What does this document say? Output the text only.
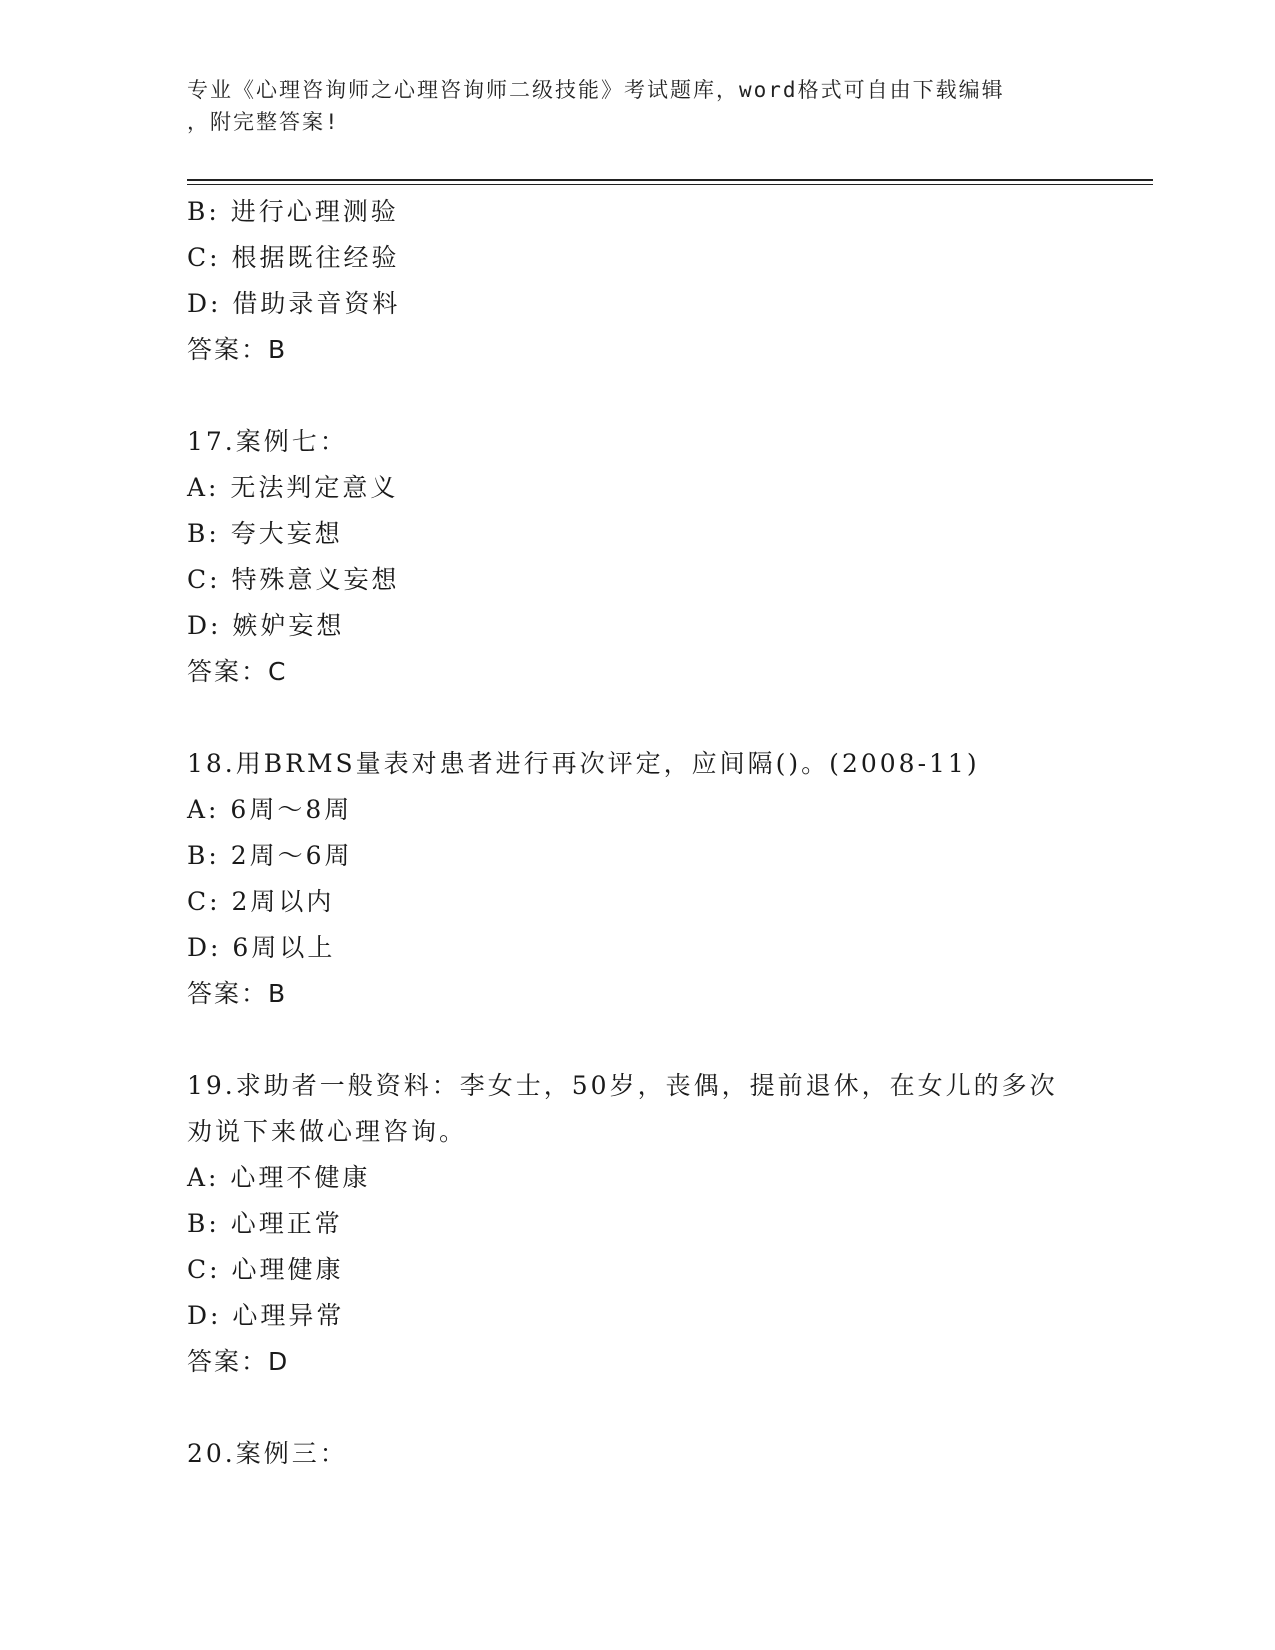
专业《心理咨询师之心理咨询师二级技能》考试题库，word格式可自由下载编辑
，附完整答案!
B: 进行心理测验
C: 根据既往经验
D: 借助录音资料
答案：B
17.案例七：
A: 无法判定意义
B: 夸大妄想
C: 特殊意义妄想
D: 嫉妒妄想
答案：C
18.用BRMS量表对患者进行再次评定，应间隔()。(2008-11)
A: 6周～8周
B: 2周～6周
C: 2周以内
D: 6周以上
答案：B
19.求助者一般资料：李女士，50岁，丧偶，提前退休，在女儿的多次
劝说下来做心理咨询。
A: 心理不健康
B: 心理正常
C: 心理健康
D: 心理异常
答案：D
20.案例三：
